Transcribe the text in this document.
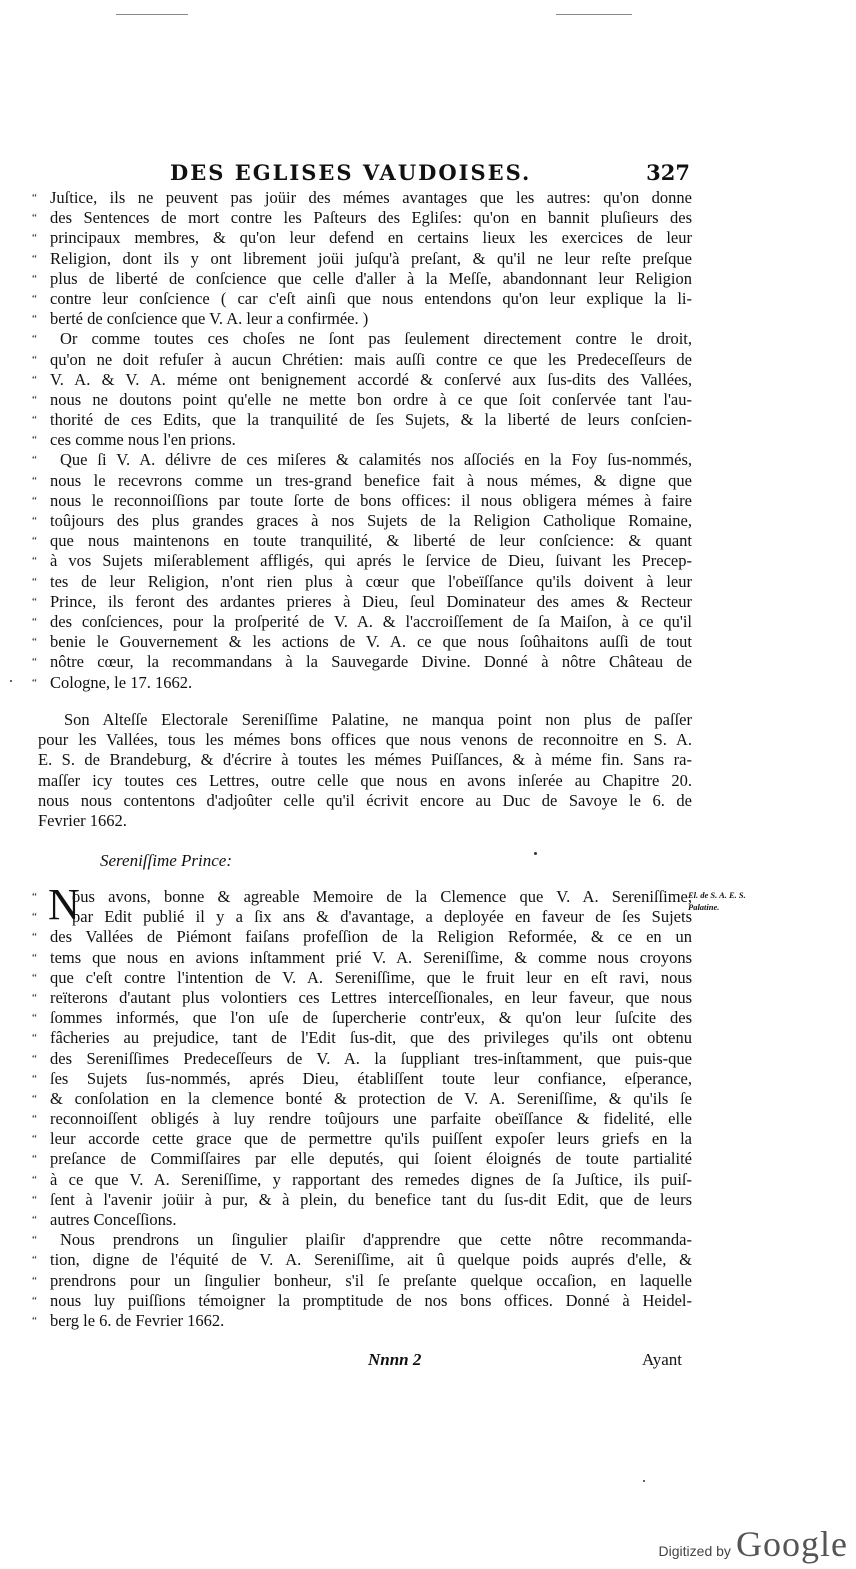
DES EGLISES VAUDOISES.	327
“ Juſtice, ils ne peuvent pas joüir des mémes avantages que les autres: qu'on donne
“ des Sentences de mort contre les Paſteurs des Egliſes: qu'on en bannit pluſieurs des
“ principaux membres, & qu'on leur defend en certains lieux les exercices de leur
“ Religion, dont ils y ont librement joüi juſqu'à preſant, & qu'il ne leur reſte preſque
“ plus de liberté de conſcience que celle d'aller à la Meſſe, abandonnant leur Religion
“ contre leur conſcience ( car c'eſt ainſi que nous entendons qu'on leur explique la li-
“ berté de conſcience que V. A. leur a confirmée. )
“ Or comme toutes ces choſes ne ſont pas ſeulement directement contre le droit,
“ qu'on ne doit refuſer à aucun Chrétien: mais auſſi contre ce que les Predeceſſeurs de
“ V. A. & V. A. méme ont benignement accordé & conſervé aux ſus-dits des Vallées,
“ nous ne doutons point qu'elle ne mette bon ordre à ce que ſoit conſervée tant l'au-
“ thorité de ces Edits, que la tranquilité de ſes Sujets, & la liberté de leurs conſcien-
“ ces comme nous l'en prions.
“ Que ſi V. A. délivre de ces miſeres & calamités nos aſſociés en la Foy ſus-nommés,
“ nous le recevrons comme un tres-grand benefice fait à nous mémes, & digne que
“ nous le reconnoiſſions par toute ſorte de bons offices: il nous obligera mémes à faire
“ toûjours des plus grandes graces à nos Sujets de la Religion Catholique Romaine,
“ que nous maintenons en toute tranquilité, & liberté de leur conſcience: & quant
“ à vos Sujets miſerablement affligés, qui aprés le ſervice de Dieu, ſuivant les Precep-
“ tes de leur Religion, n'ont rien plus à cœur que l'obeïſſance qu'ils doivent à leur
“ Prince, ils feront des ardantes prieres à Dieu, ſeul Dominateur des ames & Recteur
“ des conſciences, pour la proſperité de V. A. & l'accroiſſement de ſa Maiſon, à ce qu'il
“ benie le Gouvernement & les actions de V. A. ce que nous ſoûhaitons auſſi de tout
“ nôtre cœur, la recommandans à la Sauvegarde Divine. Donné à nôtre Château de
“ Cologne, le 17. 1662.
Son Alteſſe Electorale Sereniſſime Palatine, ne manqua point non plus de paſſer
pour les Vallées, tous les mémes bons offices que nous venons de reconnoitre en S. A.
E. S. de Brandeburg, & d'écrire à toutes les mémes Puiſſances, & à méme fin. Sans ra-
maſſer icy toutes ces Lettres, outre celle que nous en avons inſerée au Chapitre 20.
nous nous contentons d'adjoûter celle qu'il écrivit encore au Duc de Savoye le 6. de
Fevrier 1662.
Sereniſſime Prince:
N	El. de S. A. E. S. Palatine.
“ ous avons, bonne & agreable Memoire de la Clemence que V. A. Sereniſſime,
“ par Edit publié il y a ſix ans & d'avantage, a deployée en faveur de ſes Sujets
“ des Vallées de Piémont faiſans profeſſion de la Religion Reformée, & ce en un
“ tems que nous en avions inſtamment prié V. A. Sereniſſime, & comme nous croyons
“ que c'eſt contre l'intention de V. A. Sereniſſime, que le fruit leur en eſt ravi, nous
“ reïterons d'autant plus volontiers ces Lettres interceſſionales, en leur faveur, que nous
“ ſommes informés, que l'on uſe de ſupercherie contr'eux, & qu'on leur ſuſcite des
“ fâcheries au prejudice, tant de l'Edit ſus-dit, que des privileges qu'ils ont obtenu
“ des Sereniſſimes Predeceſſeurs de V. A. la ſuppliant tres-inſtamment, que puis-que
“ ſes Sujets ſus-nommés, aprés Dieu, établiſſent toute leur confiance, eſperance,
“ & conſolation en la clemence bonté & protection de V. A. Sereniſſime, & qu'ils ſe
“ reconnoiſſent obligés à luy rendre toûjours une parfaite obeïſſance & fidelité, elle
“ leur accorde cette grace que de permettre qu'ils puiſſent expoſer leurs griefs en la
“ preſance de Commiſſaires par elle deputés, qui ſoient éloignés de toute partialité
“ à ce que V. A. Sereniſſime, y rapportant des remedes dignes de ſa Juſtice, ils puiſ-
“ ſent à l'avenir joüir à pur, & à plein, du benefice tant du ſus-dit Edit, que de leurs
“ autres Conceſſions.
“ Nous prendrons un ſingulier plaiſir d'apprendre que cette nôtre recommanda-
“ tion, digne de l'équité de V. A. Sereniſſime, ait û quelque poids auprés d'elle, &
“ prendrons pour un ſingulier bonheur, s'il ſe preſante quelque occaſion, en laquelle
“ nous luy puiſſions témoigner la promptitude de nos bons offices. Donné à Heidel-
“ berg le 6. de Fevrier 1662.
Nnnn 2	Ayant
Digitized by Google
